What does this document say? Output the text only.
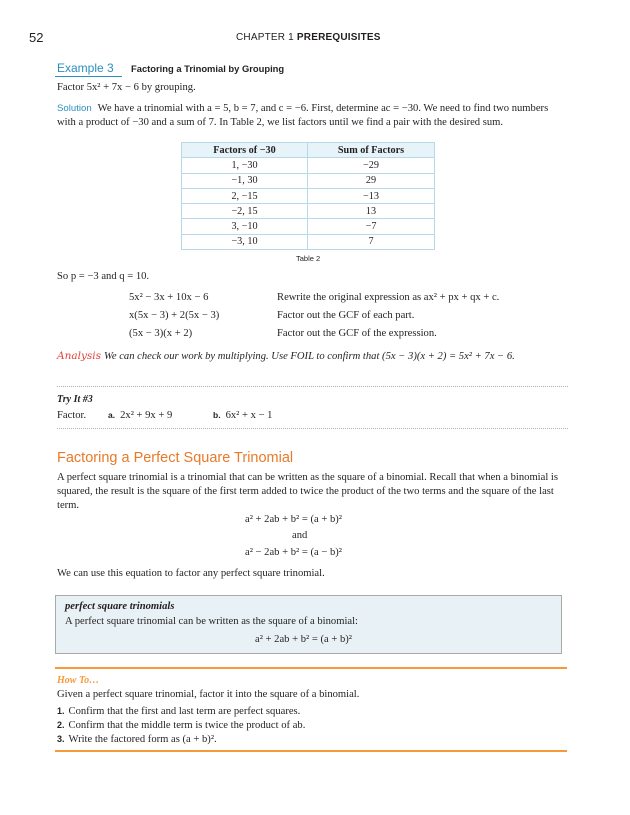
52	CHAPTER 1 PREREQUISITES
Example 3 Factoring a Trinomial by Grouping
Factor 5x² + 7x − 6 by grouping.
Solution We have a trinomial with a = 5, b = 7, and c = −6. First, determine ac = −30. We need to find two numbers with a product of −30 and a sum of 7. In Table 2, we list factors until we find a pair with the desired sum.
Factors of −30	Sum of Factors
1, −30	−29
−1, 30	29
2, −15	−13
−2, 15	13
3, −10	−7
−3, 10	7
Table 2
So p = −3 and q = 10.
5x² − 3x + 10x − 6	Rewrite the original expression as ax² + px + qx + c.
x(5x − 3) + 2(5x − 3)	Factor out the GCF of each part.
(5x − 3)(x + 2)	Factor out the GCF of the expression.
Analysis We can check our work by multiplying. Use FOIL to confirm that (5x − 3)(x + 2) = 5x² + 7x − 6.
Try It #3
Factor.	a. 2x² + 9x + 9	b. 6x² + x − 1
Factoring a Perfect Square Trinomial
A perfect square trinomial is a trinomial that can be written as the square of a binomial. Recall that when a binomial is squared, the result is the square of the first term added to twice the product of the two terms and the square of the last term.
a² + 2ab + b² = (a + b)²
and
a² − 2ab + b² = (a − b)²
We can use this equation to factor any perfect square trinomial.
perfect square trinomials
A perfect square trinomial can be written as the square of a binomial:
a² + 2ab + b² = (a + b)²
How To…
Given a perfect square trinomial, factor it into the square of a binomial.
1. Confirm that the first and last term are perfect squares.
2. Confirm that the middle term is twice the product of ab.
3. Write the factored form as (a + b)².
